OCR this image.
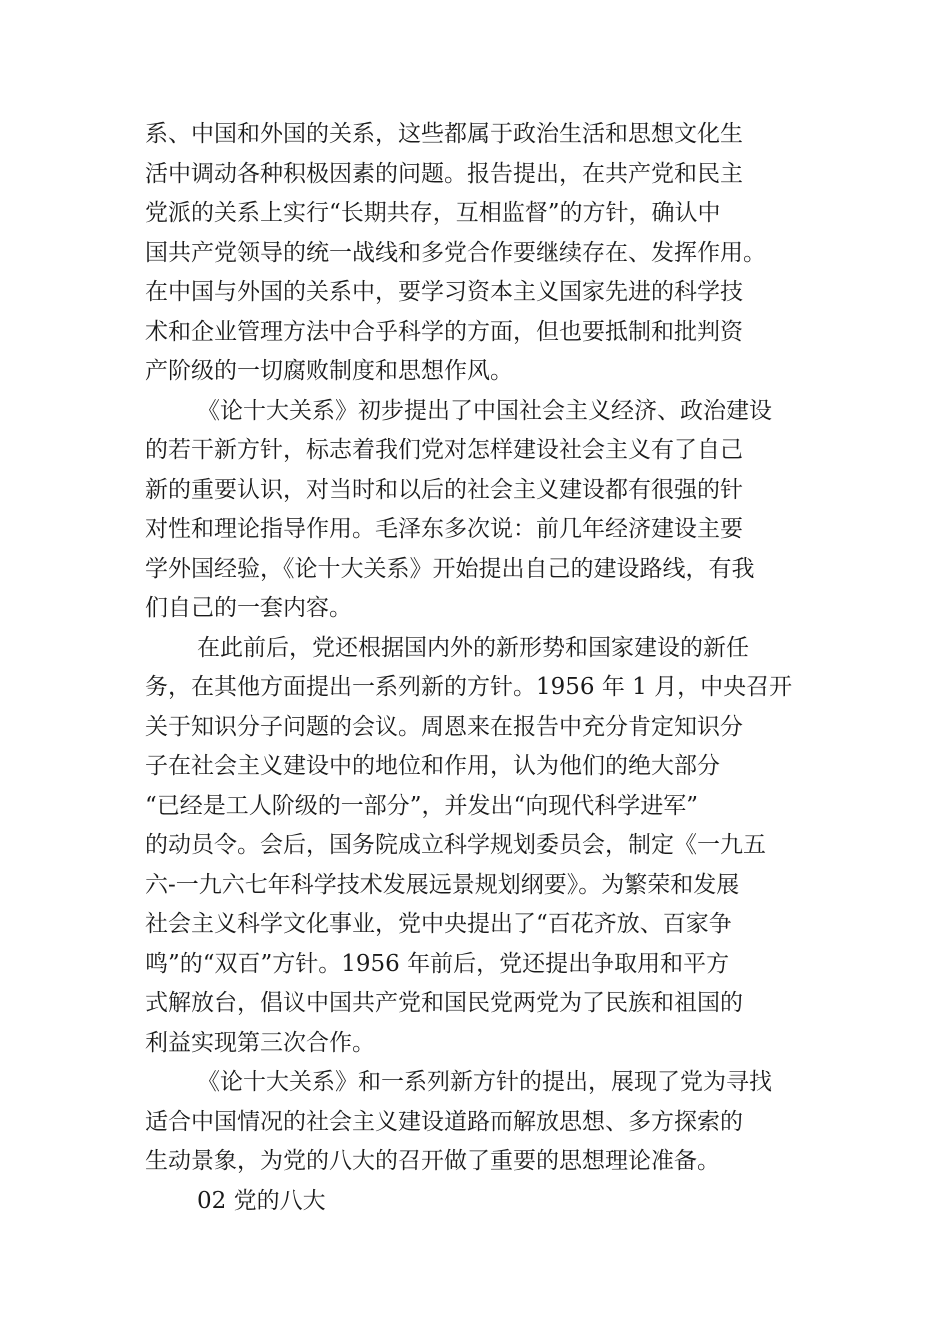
系、中国和外国的关系，这些都属于政治生活和思想文化生
活中调动各种积极因素的问题。报告提出，在共产党和民主
党派的关系上实行“长期共存，互相监督”的方针，确认中
国共产党领导的统一战线和多党合作要继续存在、发挥作用。
在中国与外国的关系中，要学习资本主义国家先进的科学技
术和企业管理方法中合乎科学的方面，但也要抵制和批判资
产阶级的一切腐败制度和思想作风。
《论十大关系》初步提出了中国社会主义经济、政治建设
的若干新方针，标志着我们党对怎样建设社会主义有了自己
新的重要认识，对当时和以后的社会主义建设都有很强的针
对性和理论指导作用。毛泽东多次说：前几年经济建设主要
学外国经验，《论十大关系》开始提出自己的建设路线，有我
们自己的一套内容。
在此前后，党还根据国内外的新形势和国家建设的新任
务，在其他方面提出一系列新的方针。1956 年 1 月，中央召开
关于知识分子问题的会议。周恩来在报告中充分肯定知识分
子在社会主义建设中的地位和作用，认为他们的绝大部分
“已经是工人阶级的一部分”，并发出“向现代科学进军”
的动员令。会后，国务院成立科学规划委员会，制定《一九五
六-一九六七年科学技术发展远景规划纲要》。为繁荣和发展
社会主义科学文化事业，党中央提出了“百花齐放、百家争
鸣”的“双百”方针。1956 年前后，党还提出争取用和平方
式解放台，倡议中国共产党和国民党两党为了民族和祖国的
利益实现第三次合作。
《论十大关系》和一系列新方针的提出，展现了党为寻找
适合中国情况的社会主义建设道路而解放思想、多方探索的
生动景象，为党的八大的召开做了重要的思想理论准备。
02 党的八大
